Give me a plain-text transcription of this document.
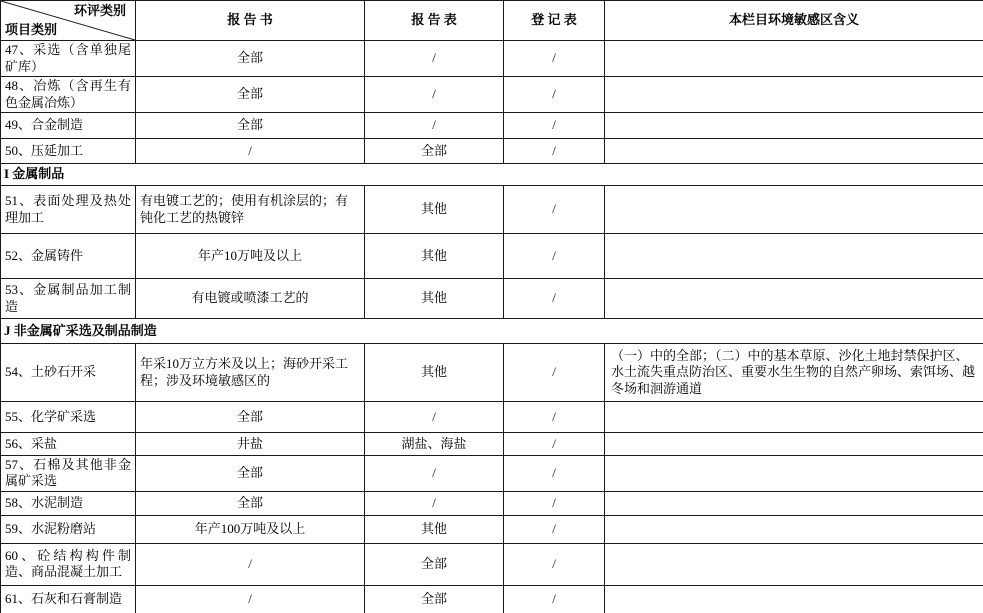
环评类别
项目类别	报 告 书	报 告 表	登 记 表	本栏目环境敏感区含义
47、采选（含单独尾矿库）	全部	/	/	
48、冶炼（含再生有色金属冶炼）	全部	/	/	
49、合金制造	全部	/	/	
50、压延加工	/	全部	/	
I 金属制品				
51、表面处理及热处理加工	有电镀工艺的；使用有机涂层的；有钝化工艺的热镀锌	其他	/	
52、金属铸件	年产10万吨及以上	其他	/	
53、金属制品加工制造	有电镀或喷漆工艺的	其他	/	
J 非金属矿采选及制品制造				
54、土砂石开采	年采10万立方米及以上；海砂开采工程；涉及环境敏感区的	其他	/	（一）中的全部；（二）中的基本草原、沙化土地封禁保护区、水土流失重点防治区、重要水生生物的自然产卵场、索饵场、越冬场和洄游通道
55、化学矿采选	全部	/	/	
56、采盐	井盐	湖盐、海盐	/	
57、石棉及其他非金属矿采选	全部	/	/	
58、水泥制造	全部	/	/	
59、水泥粉磨站	年产100万吨及以上	其他	/	
60、砼结构构件制造、商品混凝土加工	/	全部	/	
61、石灰和石膏制造	/	全部	/	
